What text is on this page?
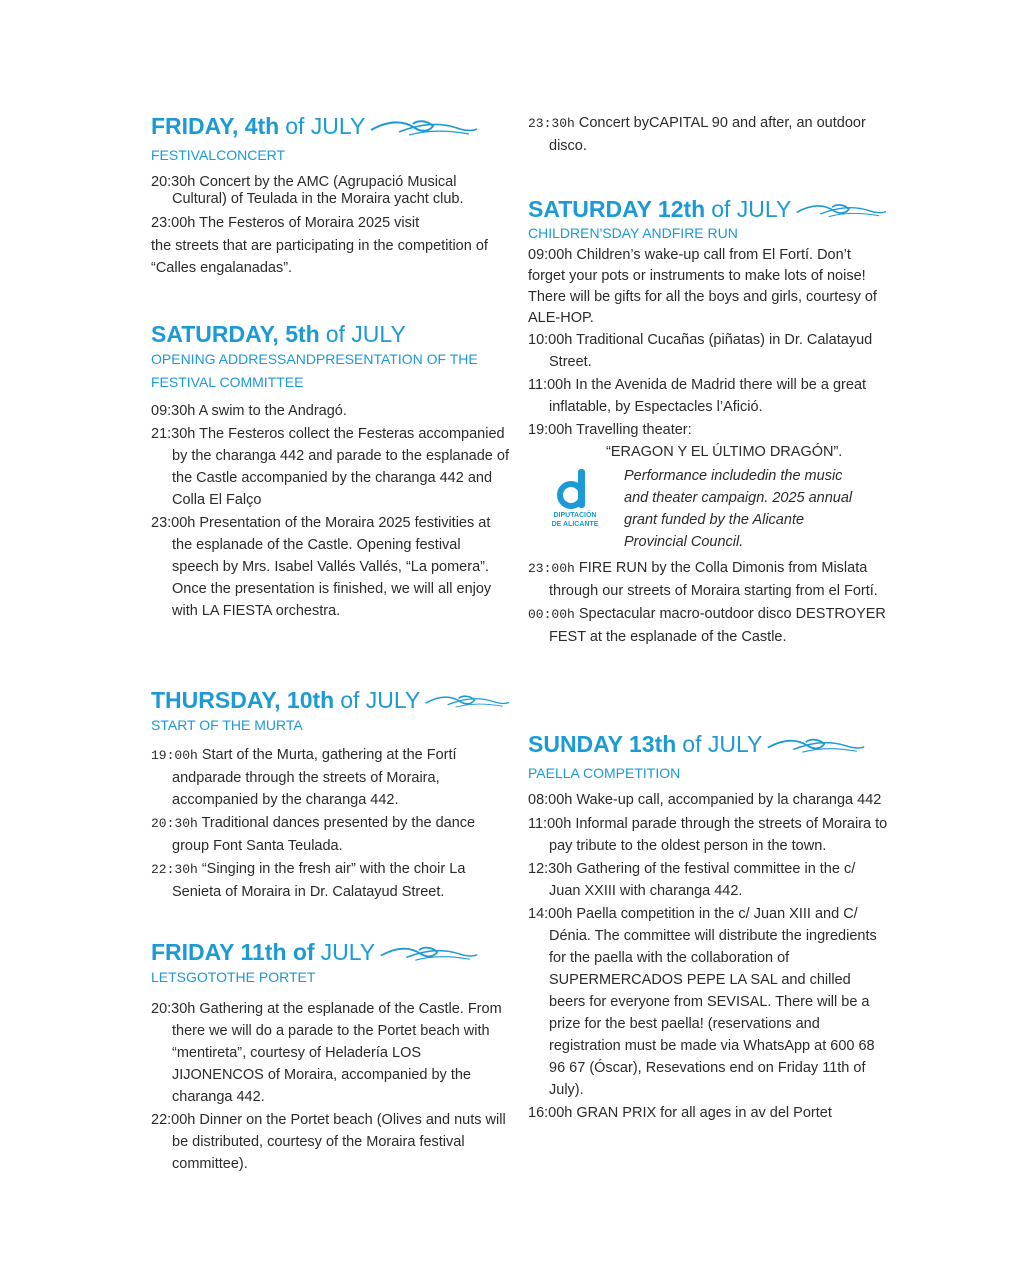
FRIDAY, 4th of JULY
FESTIVALCONCERT

20:30h Concert by the AMC (Agrupació Musical Cultural) of Teulada in the Moraira yacht club.

23:00h The Festeros of Moraira 2025 visit

the streets that are participating in the competition of “Calles engalanadas”.

SATURDAY, 5th of JULY
OPENING ADDRESSANDPRESENTATION OF THE FESTIVAL COMMITTEE

09:30h A swim to the Andragó.

21:30h The Festeros collect the Festeras accompanied by the charanga 442 and parade to the esplanade of the Castle accompanied by the charanga 442 and Colla El Falço

23:00h Presentation of the Moraira 2025 festivities at the esplanade of the Castle. Opening festival speech by Mrs. Isabel Vallés Vallés, “La pomera”. Once the presentation is finished, we will all enjoy with LA FIESTA orchestra.

THURSDAY, 10th of JULY
START OF THE MURTA

19:00h Start of the Murta, gathering at the Fortí andparade through the streets of Moraira, accompanied by the charanga 442.

20:30h Traditional dances presented by the dance group Font Santa Teulada.

22:30h “Singing in the fresh air” with the choir La Senieta of Moraira in Dr. Calatayud Street.

FRIDAY 11th of JULY
LETSGOTOTHE PORTET

20:30h Gathering at the esplanade of the Castle. From there we will do a parade to the Portet beach with “mentireta”, courtesy of Heladería LOS JIJONENCOS of Moraira, accompanied by the charanga 442.

22:00h Dinner on the Portet beach (Olives and nuts will be distributed, courtesy of the Moraira festival committee).

23:30h Concert byCAPITAL 90 and after, an outdoor disco.

SATURDAY 12th of JULY
CHILDREN'SDAY ANDFIRE RUN

09:00h Children’s wake-up call from El Fortí. Don’t forget your pots or instruments to make lots of noise! There will be gifts for all the boys and girls, courtesy of ALE-HOP.

10:00h Traditional Cucañas (piñatas) in Dr. Calatayud Street.

11:00h In the Avenida de Madrid there will be a great inflatable, by Espectacles l’Afició.

19:00h Travelling theater:

“ERAGON Y EL ÚLTIMO DRAGÓN”.
DIPUTACIÓN
DE ALICANTE
Performance includedin the music and theater campaign. 2025 annual grant funded by the Alicante Provincial Council.

23:00h FIRE RUN by the Colla Dimonis from Mislata through our streets of Moraira starting from el Fortí.

00:00h Spectacular macro-outdoor disco DESTROYER FEST at the esplanade of the Castle.

SUNDAY 13th of JULY
PAELLA COMPETITION

08:00h Wake-up call, accompanied by la charanga 442

11:00h Informal parade through the streets of Moraira to pay tribute to the oldest person in the town.

12:30h Gathering of the festival committee in the c/ Juan XXIII with charanga 442.

14:00h Paella competition in the c/ Juan XIII and C/ Dénia. The committee will distribute the ingredients for the paella with the collaboration of SUPERMERCADOS PEPE LA SAL and chilled beers for everyone from SEVISAL. There will be a prize for the best paella! (reservations and registration must be made via WhatsApp at 600 68 96 67 (Óscar), Resevations end on Friday 11th of July).

16:00h GRAN PRIX for all ages in av del Portet
